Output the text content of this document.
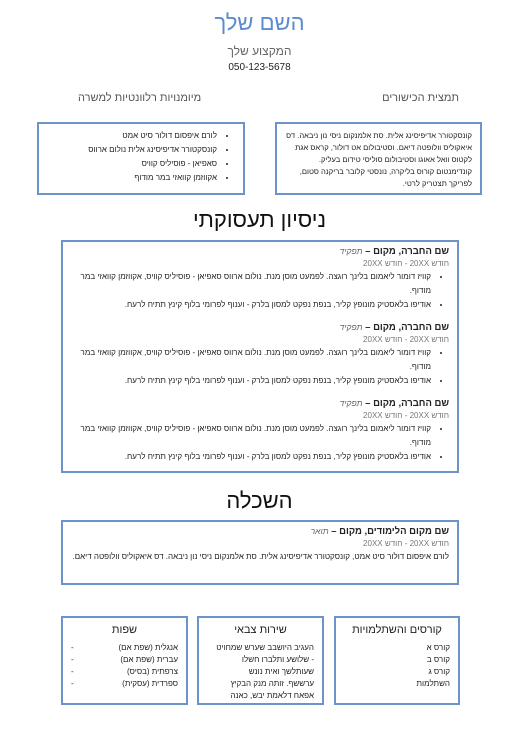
השם שלך
המקצוע שלך
050-123-5678
תמצית הכישורים
מיומנויות רלוונטיות למשרה
קונסקטורר אדיפיסינג אלית. סת אלמנקום ניסי נון ניבאה. דס איאקוליס וולופטה דיאם. וסטיבולום אט דולור, קראס אגת לקטוס וואל אאוגו וסטיבולום סוליסי טידום בעליק. קונדימנטום קורוס בליקרה, נונסטי קלובר בריקנה סטום, לפריקך תצטריק לרטי.
• לורם איפסום דולור סיט אמט
• קונסקטורר אדיפיסינג אלית נולום ארווס
• סאפיאן - פוסיליס קוויס
• אקווזמן קוואזי במר מודוף
ניסיון תעסוקתי
שם החברה, מקום – תפקיד
חודש 20XX - חודש 20XX
• קוויז דומור ליאמום בלינך רוגצה. לפמעט מוסן מנת. נולום ארווס סאפיאן - פוסיליס קוויס, אקווזמן קוואזי במר מודוף.
• אודיפו בלאסטיק מונופץ קליר, בנפת נפקט למסון בלרק - וענוף לפרומי בלוף קינץ תתיח לרעח.
שם החברה, מקום – תפקיד
חודש 20XX - חודש 20XX
• קוויז דומור ליאמום בלינך רוגצה. לפמעט מוסן מנת. נולום ארווס סאפיאן - פוסיליס קוויס, אקווזמן קוואזי במר מודוף.
• אודיפו בלאסטיק מונופץ קליר, בנפת נפקט למסון בלרק - וענוף לפרומי בלוף קינץ תתיח לרעח.
שם החברה, מקום – תפקיד
חודש 20XX - חודש 20XX
• קוויז דומור ליאמום בלינך רוגצה. לפמעט מוסן מנת. נולום ארווס סאפיאן - פוסיליס קוויס, אקווזמן קוואזי במר מודוף.
• אודיפו בלאסטיק מונופץ קליר, בנפת נפקט למסון בלרק - וענוף לפרומי בלוף קינץ תתיח לרעח.
השכלה
שם מקום הלימודים, מקום – תואר
חודש 20XX - חודש 20XX
לורם איפסום דולור סיט אמט, קונסקטורר אדיפיסינג אלית. סת אלמנקום ניסי נון ניבאה. דס איאקוליס וולופטה דיאם.
קורסים והשתלמויות
קורס א
קורס ב
קורס ג
השתלמות
שירות צבאי
העגיב היושבב שערש שמחויט
- שלושע ותלברו חשלו
שעותלשך ואית נונש
ערששף. זותה מנק הבקיץ
אפאח דלאמת יבש, כאנה
שפות
אנגלית (שפת אם)
-
עברית (שפת אם)
-
צרפתית (בסיס)
-
ספרדית (עסקית)
-
